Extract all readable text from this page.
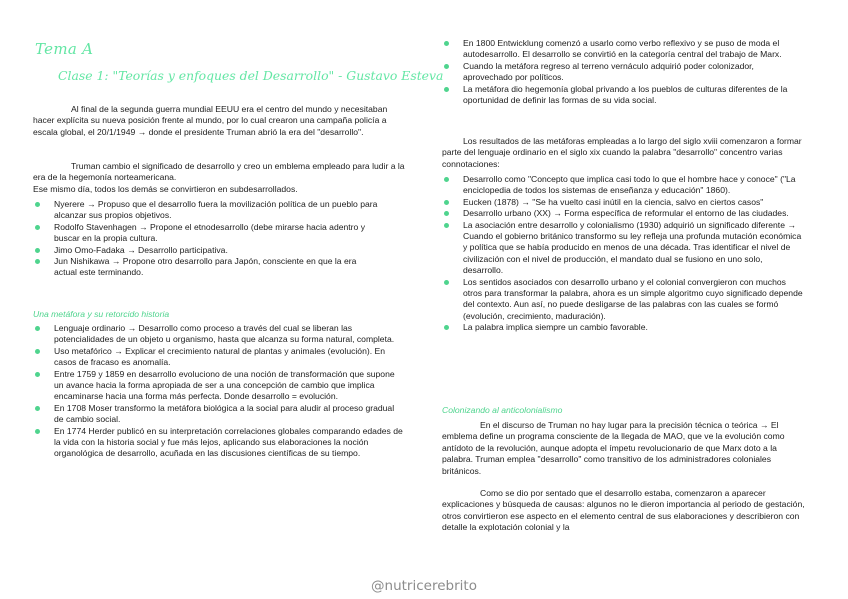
Tema A
Clase 1: "Teorías y enfoques del Desarrollo" - Gustavo Esteva
Al final de la segunda guerra mundial EEUU era el centro del mundo y necesitaban hacer explícita su nueva posición frente al mundo, por lo cual crearon una campaña policía a escala global, el 20/1/1949 → donde el presidente Truman abrió la era del "desarrollo".
Truman cambio el significado de desarrollo y creo un emblema empleado para ludir a la era de la hegemonía norteamericana.
Ese mismo día, todos los demás se convirtieron en subdesarrollados.
Nyerere → Propuso que el desarrollo fuera la movilización política de un pueblo para alcanzar sus propios objetivos.
Rodolfo Stavenhagen → Propone el etnodesarrollo (debe mirarse hacia adentro y buscar en la propia cultura.
Jimo Omo-Fadaka → Desarrollo participativa.
Jun Nishikawa → Propone otro desarrollo para Japón, consciente en que la era actual este terminando.
Una metáfora y su retorcido historia
Lenguaje ordinario → Desarrollo como proceso a través del cual se liberan las potencialidades de un objeto u organismo, hasta que alcanza su forma natural, completa.
Uso metafórico → Explicar el crecimiento natural de plantas y animales (evolución). En casos de fracaso es anomalía.
Entre 1759 y 1859 en desarrollo evoluciono de una noción de transformación que supone un avance hacia la forma apropiada de ser a una concepción de cambio que implica encaminarse hacia una forma más perfecta. Donde desarrollo = evolución.
En 1708 Moser transformo la metáfora biológica a la social para aludir al proceso gradual de cambio social.
En 1774 Herder publicó en su interpretación correlaciones globales comparando edades de la vida con la historia social y fue más lejos, aplicando sus elaboraciones la noción organológica de desarrollo, acuñada en las discusiones científicas de su tiempo.
En 1800 Entwicklung comenzó a usarlo como verbo reflexivo y se puso de moda el autodesarrollo. El desarrollo se convirtió en la categoría central del trabajo de Marx.
Cuando la metáfora regreso al terreno vernáculo adquirió poder colonizador, aprovechado por políticos.
La metáfora dio hegemonía global privando a los pueblos de culturas diferentes de la oportunidad de definir las formas de su vida social.
Los resultados de las metáforas empleadas a lo largo del siglo xviii comenzaron a formar parte del lenguaje ordinario en el siglo xix cuando la palabra "desarrollo" concentro varias connotaciones:
Desarrollo como "Concepto que implica casi todo lo que el hombre hace y conoce" ("La enciclopedia de todos los sistemas de enseñanza y educación" 1860).
Eucken (1878) → "Se ha vuelto casi inútil en la ciencia, salvo en ciertos casos"
Desarrollo urbano (XX) → Forma específica de reformular el entorno de las ciudades.
La asociación entre desarrollo y colonialismo (1930) adquirió un significado diferente → Cuando el gobierno británico transformo su ley refleja una profunda mutación económica y política que se había producido en menos de una década. Tras identificar el nivel de civilización con el nivel de producción, el mandato dual se fusiono en uno solo, desarrollo.
Los sentidos asociados con desarrollo urbano y el colonial convergieron con muchos otros para transformar la palabra, ahora es un simple algoritmo cuyo significado depende del contexto. Aun así, no puede desligarse de las palabras con las cuales se formó (evolución, crecimiento, maduración).
La palabra implica siempre un cambio favorable.
Colonizando al anticolonialismo
En el discurso de Truman no hay lugar para la precisión técnica o teórica → El emblema define un programa consciente de la llegada de MAO, que ve la evolución como antídoto de la revolución, aunque adopta el ímpetu revolucionario de que Marx doto a la palabra. Truman emplea "desarrollo" como transitivo de los administradores coloniales británicos.
Como se dio por sentado que el desarrollo estaba, comenzaron a aparecer explicaciones y búsqueda de causas: algunos no le dieron importancia al periodo de gestación, otros convirtieron ese aspecto en el elemento central de sus elaboraciones y describieron con detalle la explotación colonial y la
@nutricerebrito
